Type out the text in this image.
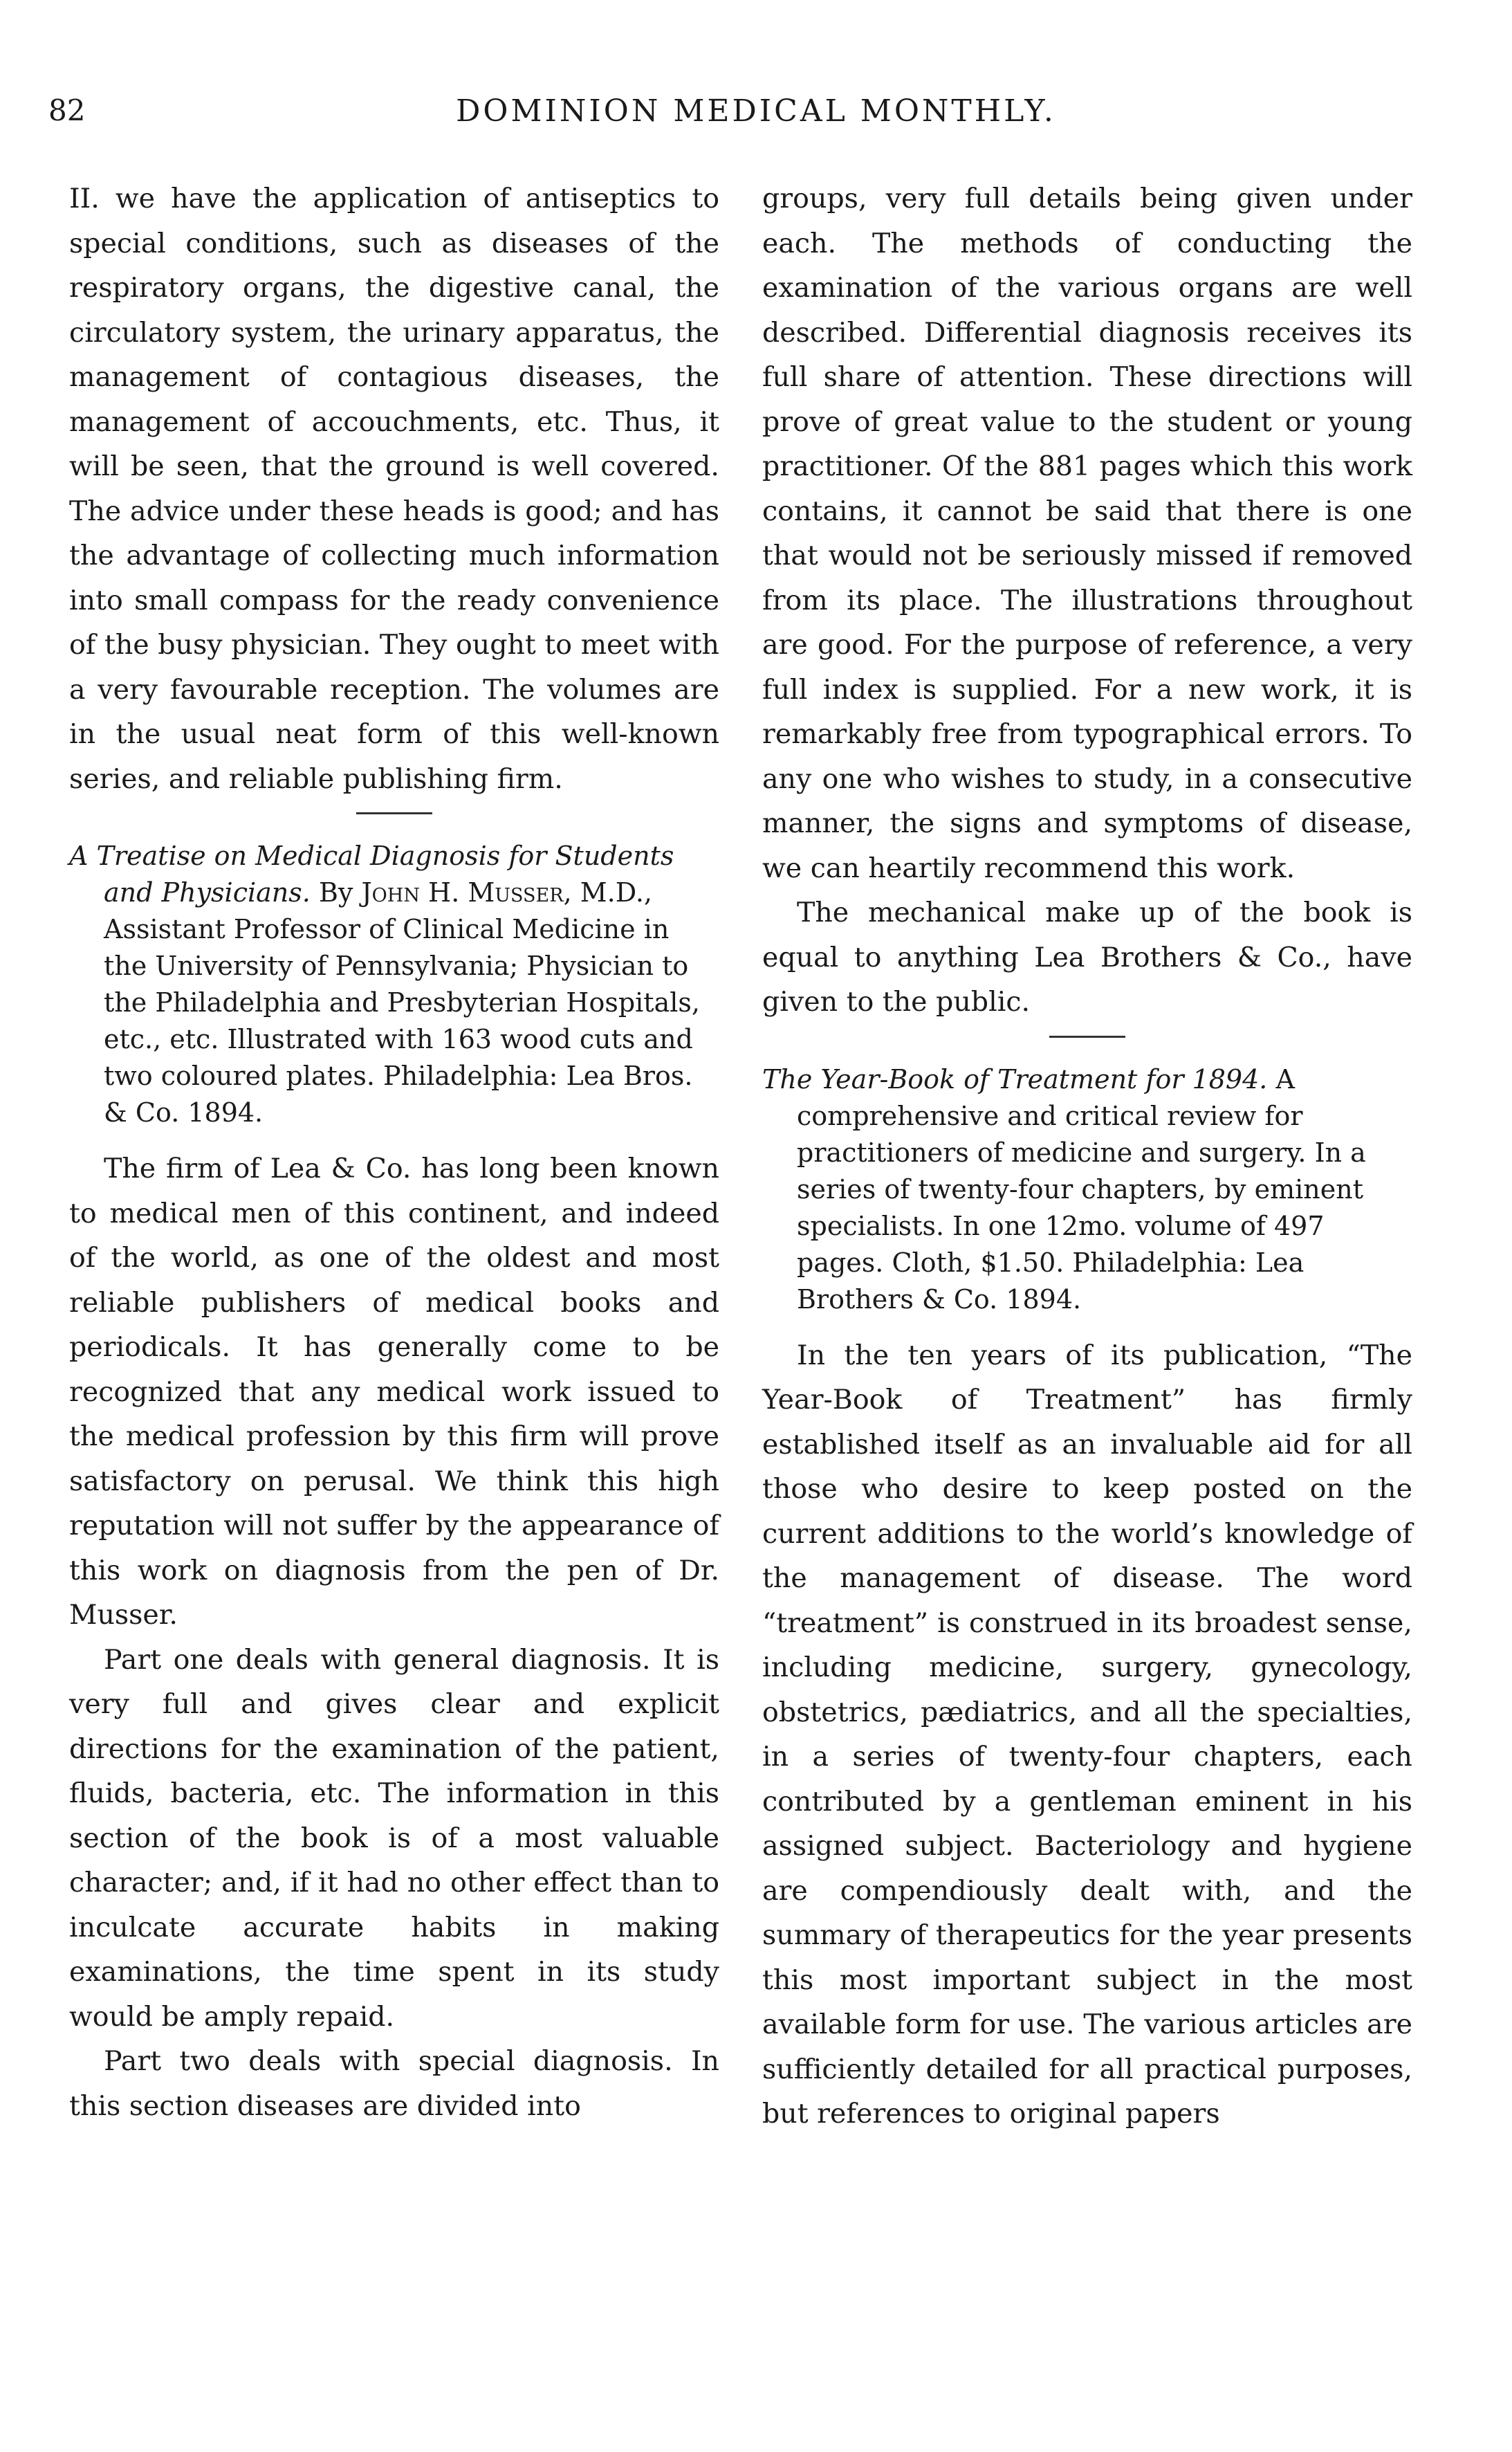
82	DOMINION MEDICAL MONTHLY.

II. we have the application of antiseptics to special conditions, such as diseases of the respiratory organs, the digestive canal, the circulatory system, the urinary apparatus, the management of contagious diseases, the management of accouchments, etc. Thus, it will be seen, that the ground is well covered. The advice under these heads is good; and has the advantage of collecting much information into small compass for the ready convenience of the busy physician. They ought to meet with a very favourable reception. The volumes are in the usual neat form of this well-known series, and reliable publishing firm.

A Treatise on Medical Diagnosis for Students and Physicians. By John H. Musser, M.D., Assistant Professor of Clinical Medicine in the University of Pennsylvania; Physician to the Philadelphia and Presbyterian Hospitals, etc., etc. Illustrated with 163 wood cuts and two coloured plates. Philadelphia: Lea Bros. & Co. 1894.

The firm of Lea & Co. has long been known to medical men of this continent, and indeed of the world, as one of the oldest and most reliable publishers of medical books and periodicals. It has generally come to be recognized that any medical work issued to the medical profession by this firm will prove satisfactory on perusal. We think this high reputation will not suffer by the appearance of this work on diagnosis from the pen of Dr. Musser.

Part one deals with general diagnosis. It is very full and gives clear and explicit directions for the examination of the patient, fluids, bacteria, etc. The information in this section of the book is of a most valuable character; and, if it had no other effect than to inculcate accurate habits in making examinations, the time spent in its study would be amply repaid.

Part two deals with special diagnosis. In this section diseases are divided into

groups, very full details being given under each. The methods of conducting the examination of the various organs are well described. Differential diagnosis receives its full share of attention. These directions will prove of great value to the student or young practitioner. Of the 881 pages which this work contains, it cannot be said that there is one that would not be seriously missed if removed from its place. The illustrations throughout are good. For the purpose of reference, a very full index is supplied. For a new work, it is remarkably free from typographical errors. To any one who wishes to study, in a consecutive manner, the signs and symptoms of disease, we can heartily recommend this work.

The mechanical make up of the book is equal to anything Lea Brothers & Co., have given to the public.

The Year-Book of Treatment for 1894. A comprehensive and critical review for practitioners of medicine and surgery. In a series of twenty-four chapters, by eminent specialists. In one 12mo. volume of 497 pages. Cloth, $1.50. Philadelphia: Lea Brothers & Co. 1894.

In the ten years of its publication, “The Year-Book of Treatment” has firmly established itself as an invaluable aid for all those who desire to keep posted on the current additions to the world’s knowledge of the management of disease. The word “treatment” is construed in its broadest sense, including medicine, surgery, gynecology, obstetrics, pædiatrics, and all the specialties, in a series of twenty-four chapters, each contributed by a gentleman eminent in his assigned subject. Bacteriology and hygiene are compendiously dealt with, and the summary of therapeutics for the year presents this most important subject in the most available form for use. The various articles are sufficiently detailed for all practical purposes, but references to original papers
